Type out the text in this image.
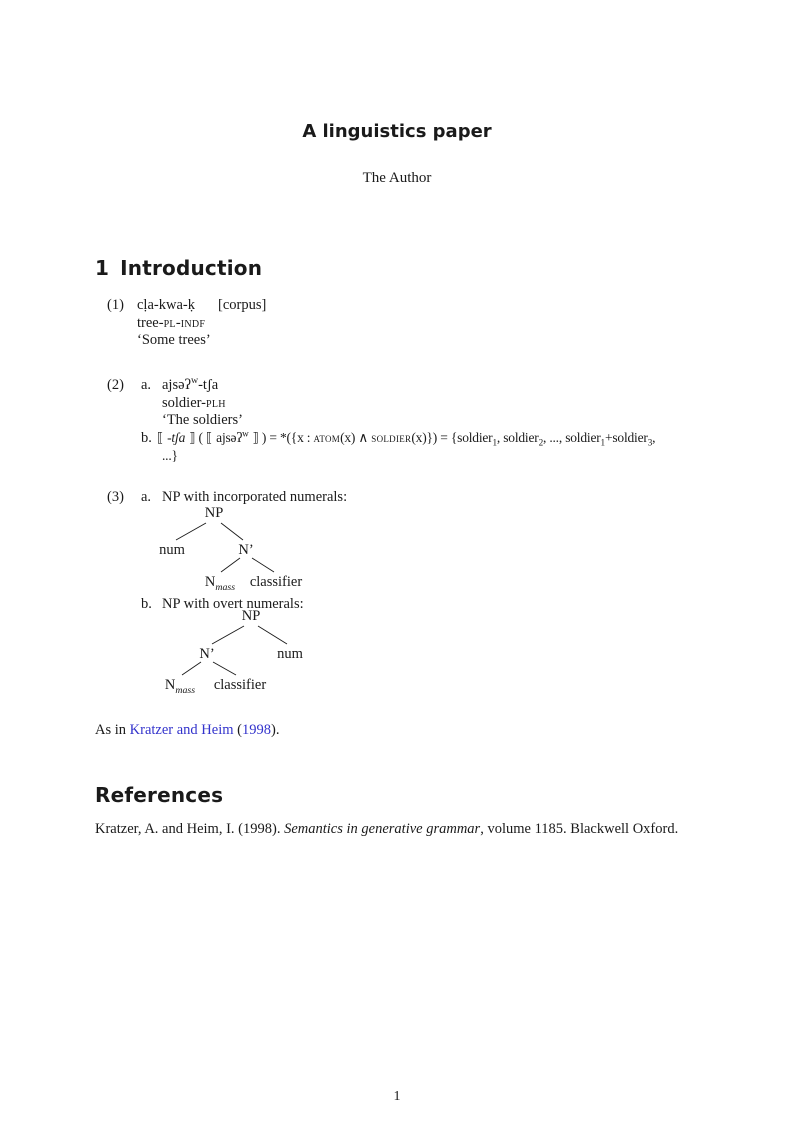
A linguistics paper
The Author
1 Introduction
(1) cḷa-kwa-ḳ [corpus]
tree-pl-indf
‘Some trees’
(2) a. ajsəʔ$^w$-tʃa
soldier-plh
‘The soldiers’
b. ⟦ -tʃa ⟧ ( ⟦ ajsəʔ$^w$ ⟧ ) = *({x : atom(x) ∧ soldier(x)}) = {soldier$_1$, soldier$_2$, ..., soldier$_1$+soldier$_3$,
...}
(3) a. NP with incorporated numerals:
NP
num	N’
$N_{mass}$ classifier
b. NP with overt numerals:
NP
N’	num
$N_{mass}$ classifier
As in Kratzer and Heim (1998).
References
Kratzer, A. and Heim, I. (1998). Semantics in generative grammar, volume 1185. Blackwell Oxford.
1
